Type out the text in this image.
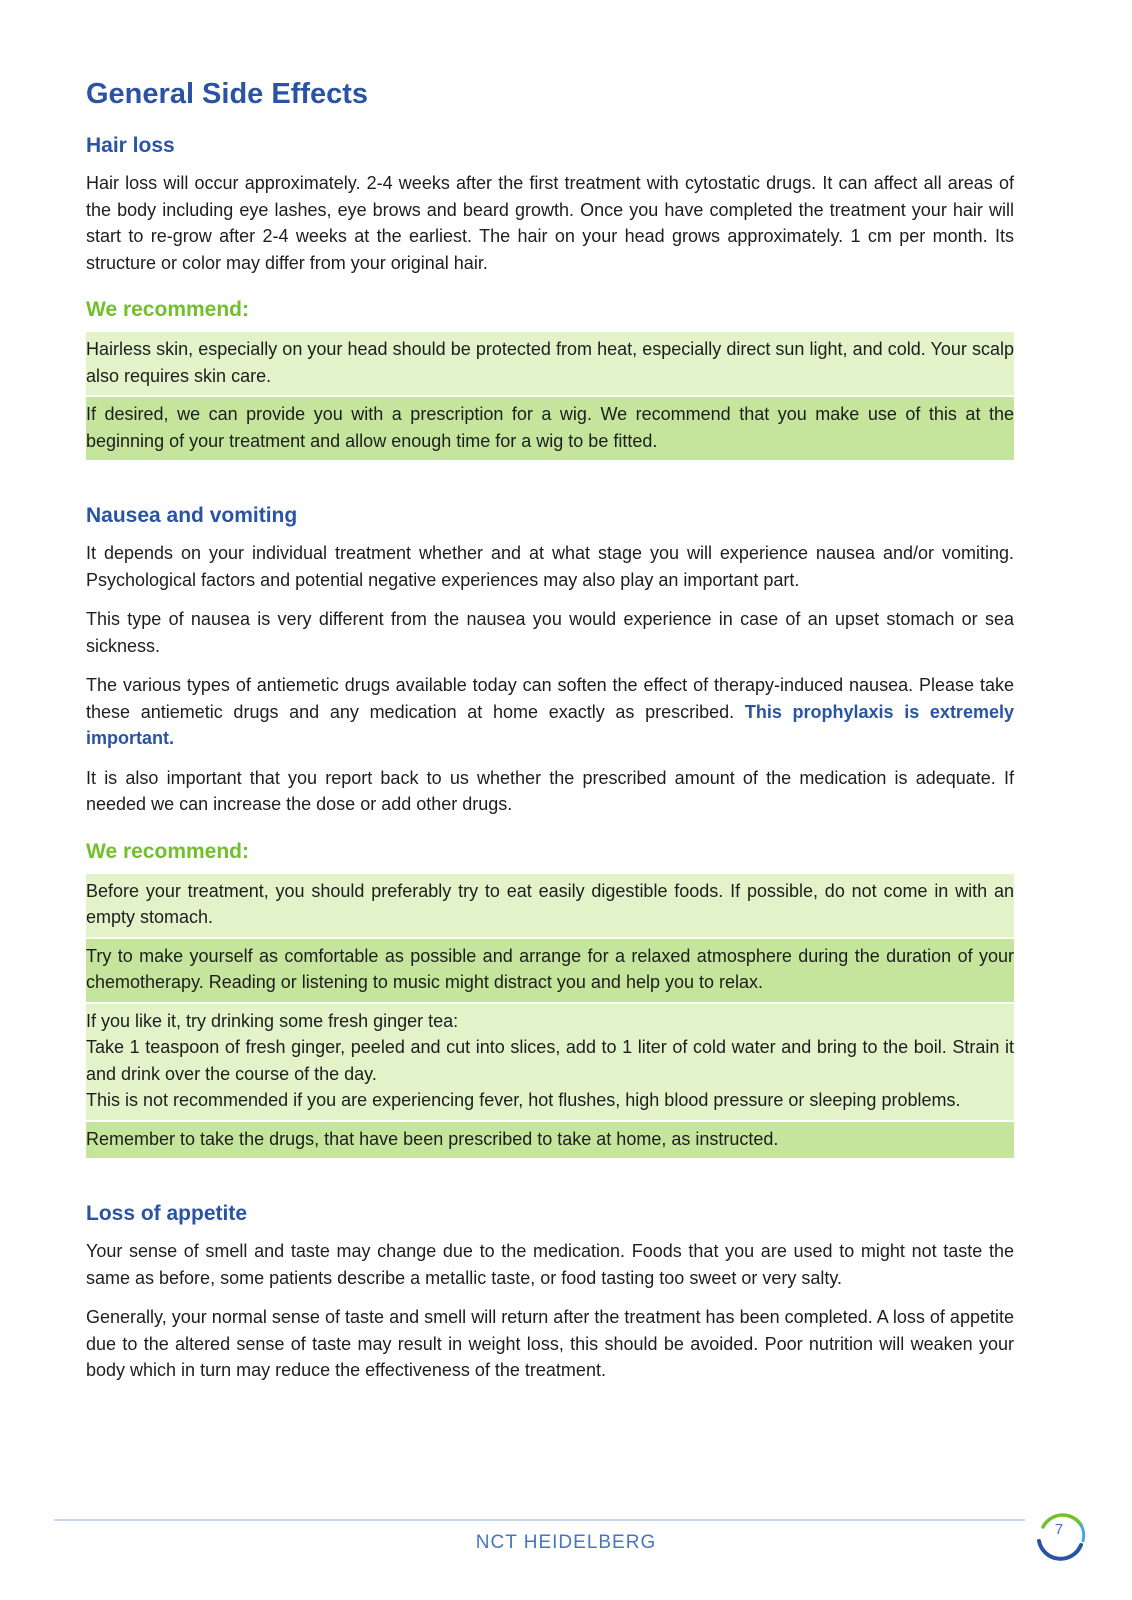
General Side Effects
Hair loss

Hair loss will occur approximately. 2-4 weeks after the first treatment with cytostatic drugs. It can affect all areas of the body including eye lashes, eye brows and beard growth. Once you have completed the treatment your hair will start to re-grow after 2-4 weeks at the earliest. The hair on your head grows approximately. 1 cm per month. Its structure or color may differ from your original hair.

We recommend:
Hairless skin, especially on your head should be protected from heat, especially direct sun light, and cold. Your scalp also requires skin care.
If desired, we can provide you with a prescription for a wig. We recommend that you make use of this at the beginning of your treatment and allow enough time for a wig to be fitted.
Nausea and vomiting

It depends on your individual treatment whether and at what stage you will experience nausea and/or vomiting. Psychological factors and potential negative experiences may also play an important part.

This type of nausea is very different from the nausea you would experience in case of an upset stomach or sea sickness.

The various types of antiemetic drugs available today can soften the effect of therapy-induced nausea. Please take these antiemetic drugs and any medication at home exactly as prescribed. This prophylaxis is extremely important.

It is also important that you report back to us whether the prescribed amount of the medication is adequate. If needed we can increase the dose or add other drugs.

We recommend:
Before your treatment, you should preferably try to eat easily digestible foods. If possible, do not come in with an empty stomach.
Try to make yourself as comfortable as possible and arrange for a relaxed atmosphere during the duration of your chemotherapy. Reading or listening to music might distract you and help you to relax.
If you like it, try drinking some fresh ginger tea:
Take 1 teaspoon of fresh ginger, peeled and cut into slices, add to 1 liter of cold water and bring to the boil. Strain it and drink over the course of the day.
This is not recommended if you are experiencing fever, hot flushes, high blood pressure or sleeping problems.
Remember to take the drugs, that have been prescribed to take at home, as instructed.
Loss of appetite

Your sense of smell and taste may change due to the medication. Foods that you are used to might not taste the same as before, some patients describe a metallic taste, or food tasting too sweet or very salty.

Generally, your normal sense of taste and smell will return after the treatment has been completed. A loss of appetite due to the altered sense of taste may result in weight loss, this should be avoided. Poor nutrition will weaken your body which in turn may reduce the effectiveness of the treatment.

NCT HEIDELBERG
7
